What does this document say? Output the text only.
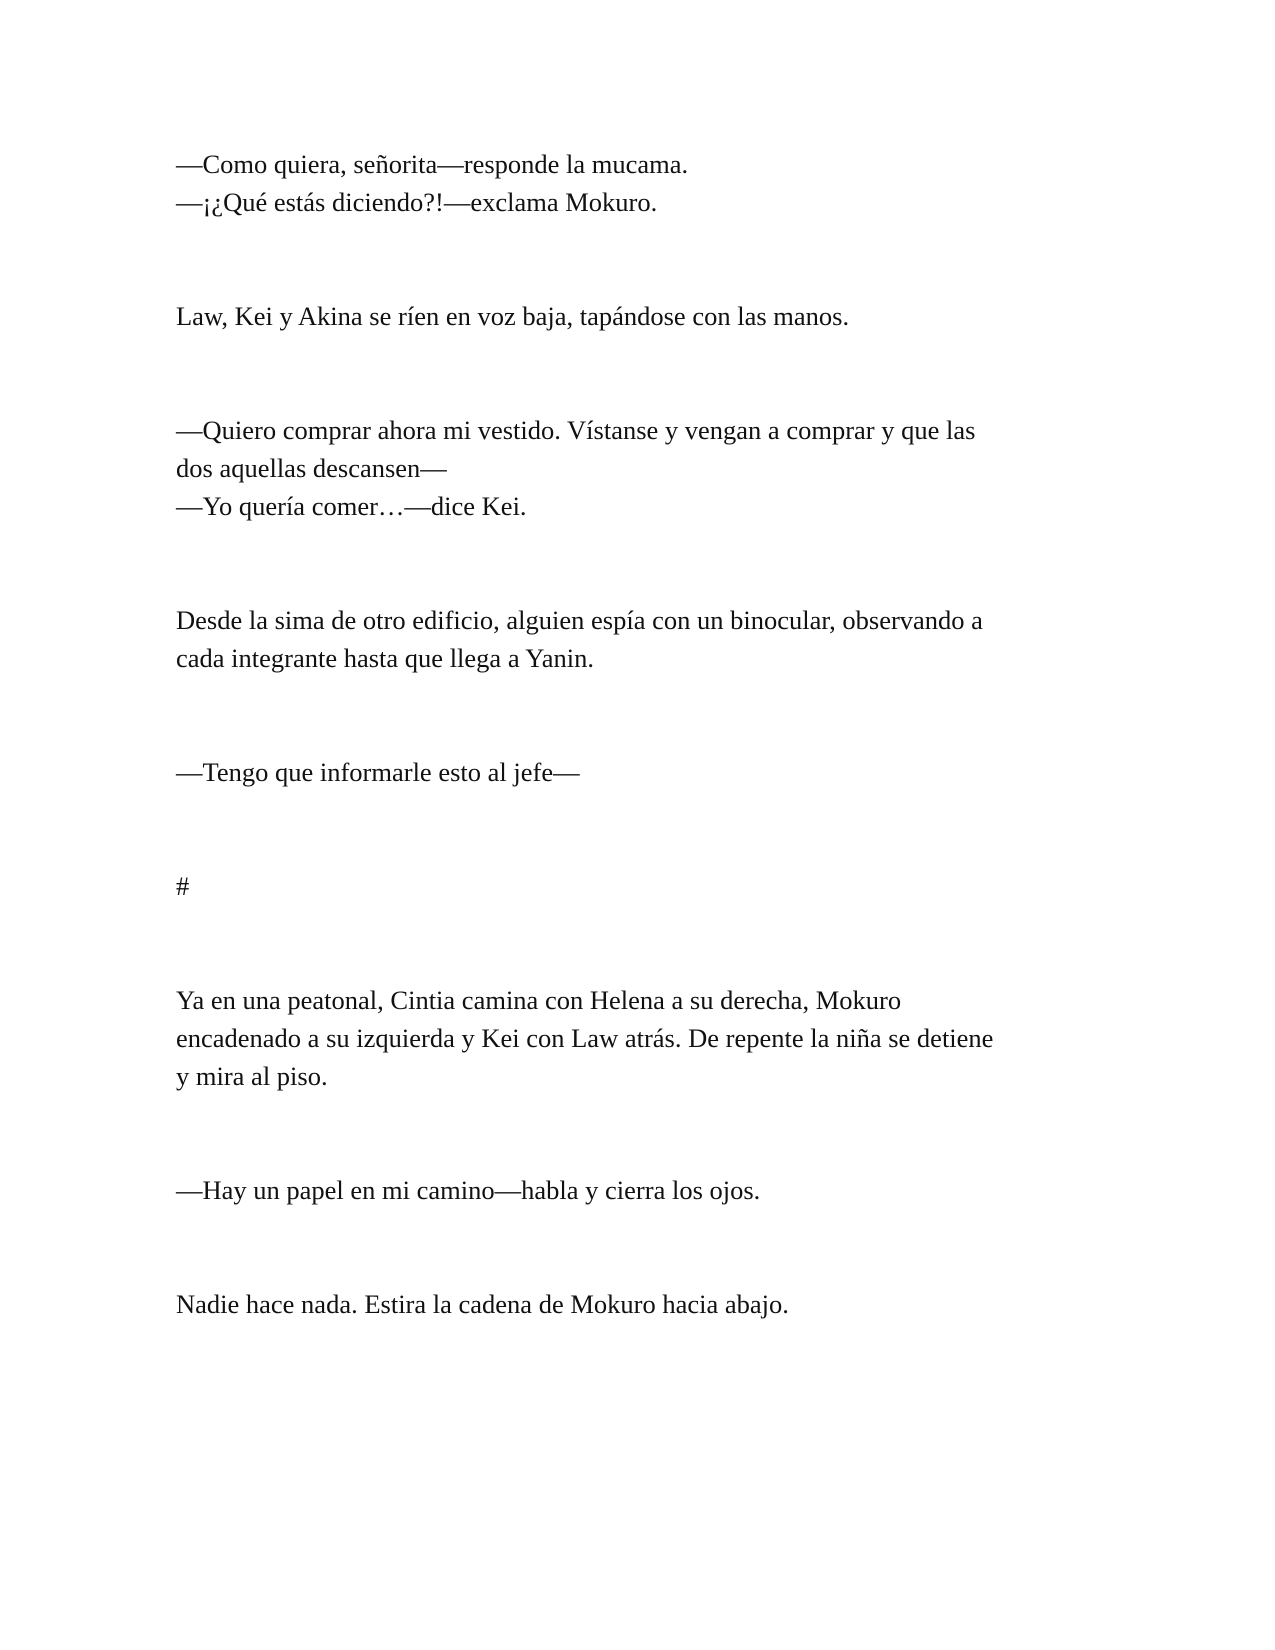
—Como quiera, señorita—responde la mucama.

—¡¿Qué estás diciendo?!—exclama Mokuro.

Law, Kei y Akina se ríen en voz baja, tapándose con las manos.

—Quiero comprar ahora mi vestido. Vístanse y vengan a comprar y que las

dos aquellas descansen—

—Yo quería comer…—dice Kei.

Desde la sima de otro edificio, alguien espía con un binocular, observando a

cada integrante hasta que llega a Yanin.

—Tengo que informarle esto al jefe—

#

Ya en una peatonal, Cintia camina con Helena a su derecha, Mokuro

encadenado a su izquierda y Kei con Law atrás. De repente la niña se detiene

y mira al piso.

—Hay un papel en mi camino—habla y cierra los ojos.

Nadie hace nada. Estira la cadena de Mokuro hacia abajo.
